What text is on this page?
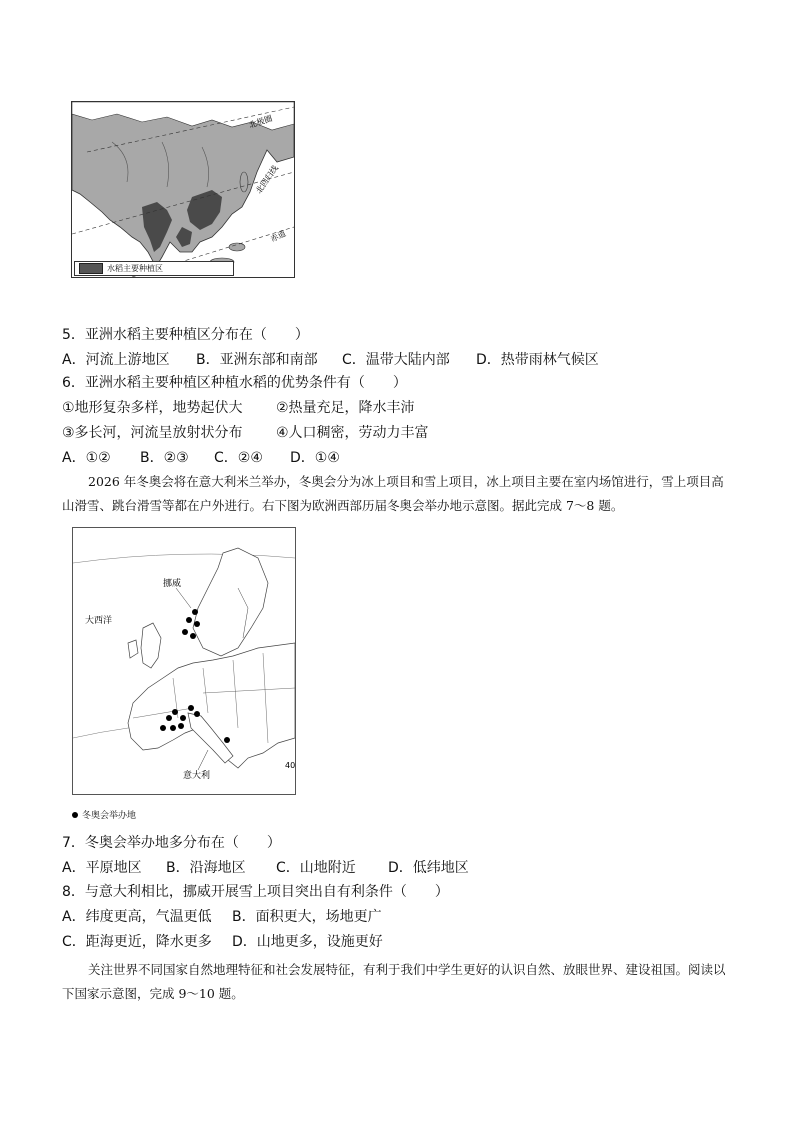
北极圈
北回归线
赤道
水稻主要种植区
5．亚洲水稻主要种植区分布在（　　）
A．河流上游地区	B．亚洲东部和南部	C．温带大陆内部	D．热带雨林气候区
6．亚洲水稻主要种植区种植水稻的优势条件有（　　）
①地形复杂多样，地势起伏大	②热量充足，降水丰沛
③多长河，河流呈放射状分布	④人口稠密，劳动力丰富
A．①②	B．②③	C．②④	D．①④
2026 年冬奥会将在意大利米兰举办，冬奥会分为冰上项目和雪上项目，冰上项目主要在室内场馆进行，雪上项目高山滑雪、跳台滑雪等都在户外进行。右下图为欧洲西部历届冬奥会举办地示意图。据此完成 7～8 题。
挪威
大西洋
意大利
40
冬奥会举办地
7．冬奥会举办地多分布在（　　）
A．平原地区	B．沿海地区	C．山地附近	D．低纬地区
8．与意大利相比，挪威开展雪上项目突出自有利条件（　　）
A．纬度更高，气温更低	B．面积更大，场地更广
C．距海更近，降水更多	D．山地更多，设施更好
关注世界不同国家自然地理特征和社会发展特征，有利于我们中学生更好的认识自然、放眼世界、建设祖国。阅读以下国家示意图，完成 9～10 题。
